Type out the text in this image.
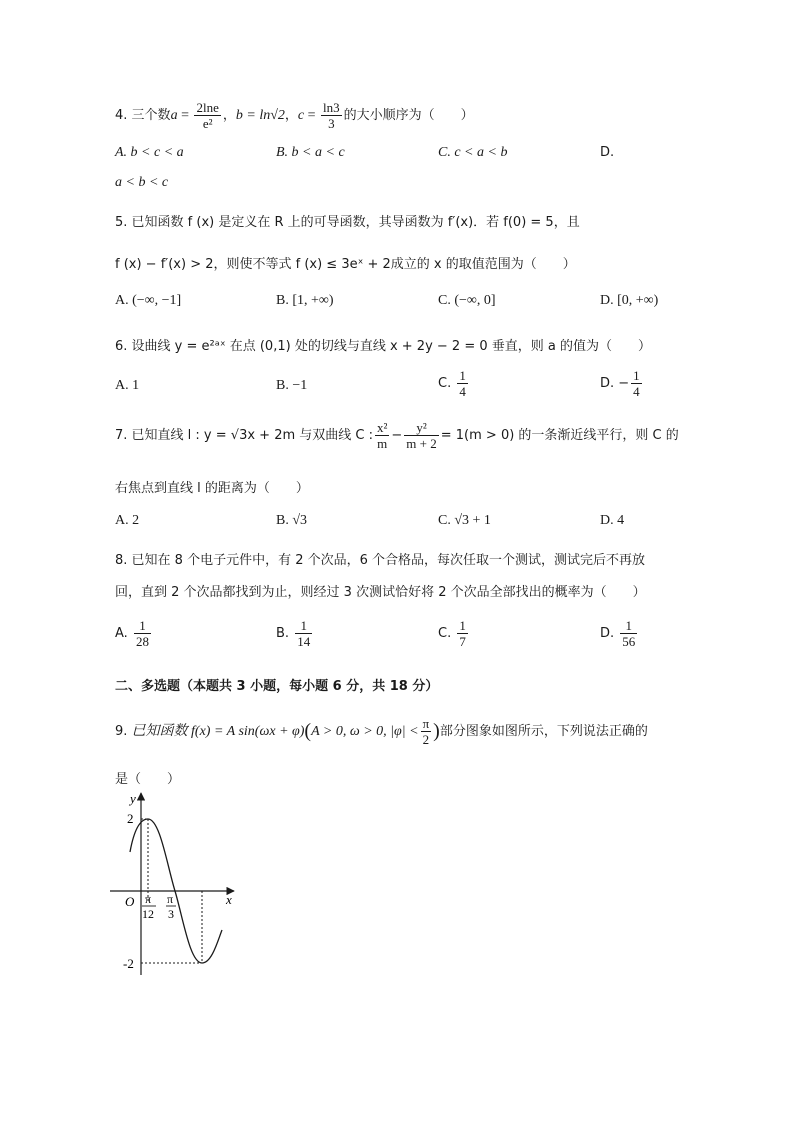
4. 三个数$a = \frac{2\ln e}{\text{e²}}$ ，b = ln√2，$c = \frac{\ln 3}{3}$ 的大小顺序为（　　）
A. b < c < a	B. b < a < c	C. c < a < b	D.
a < b < c
5. 已知函数 f (x) 是定义在 R 上的可导函数，其导函数为 f′(x)．若 f(0) = 5，且
f (x) − f′(x) > 2，则使不等式 f (x) ≤ 3eˣ + 2成立的 x 的取值范围为（　　）
A. (−∞, −1]	B. [1, +∞)	C. (−∞, 0]	D. [0, +∞)
6. 设曲线 y = e²ᵃˣ 在点 (0,1) 处的切线与直线 x + 2y − 2 = 0 垂直，则 a 的值为（　　）
A. 1	B. −1	C. $\frac{1}{4}$	D. − $\frac{1}{4}$
7. 已知直线 l : y = √3x + 2m 与双曲线 C : $\frac{\text{x²}}{m} - \frac{\text{y²}}{m + 2} = 1(m > 0)$ 的一条渐近线平行，则 C 的
右焦点到直线 l 的距离为（　　）
A. 2	B. √3	C. √3 + 1	D. 4
8. 已知在 8 个电子元件中，有 2 个次品，6 个合格品，每次任取一个测试，测试完后不再放
回，直到 2 个次品都找到为止，则经过 3 次测试恰好将 2 个次品全部找出的概率为（　　）
A. $\frac{1}{28}$	B. $\frac{1}{14}$	C. $\frac{1}{7}$	D. $\frac{1}{56}$
二、多选题（本题共 3 小题，每小题 6 分，共 18 分）
9. 已知函数 f(x) = A sin(ωx + φ)(A > 0, ω > 0, $|\varphi| < \frac{\pi}{2}$ )部分图象如图所示，下列说法正确的
是（　　）
y
x
O
2
-2
π
12
π
3
